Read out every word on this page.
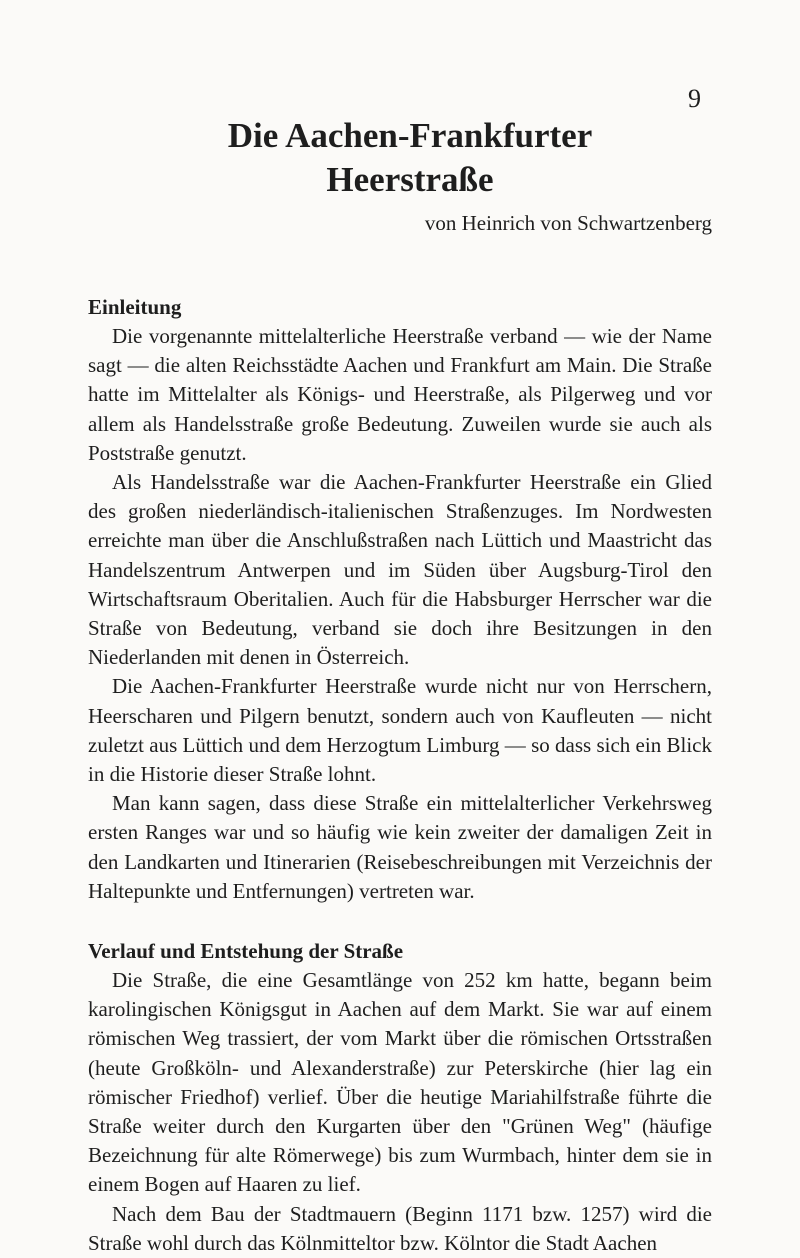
9
Die Aachen-Frankfurter
Heerstraße
von Heinrich von Schwartzenberg
Einleitung

Die vorgenannte mittelalterliche Heerstraße verband — wie der Name sagt — die alten Reichsstädte Aachen und Frankfurt am Main. Die Straße hatte im Mittelalter als Königs- und Heerstraße, als Pilgerweg und vor allem als Handelsstraße große Bedeutung. Zuweilen wurde sie auch als Poststraße genutzt.

Als Handelsstraße war die Aachen-Frankfurter Heerstraße ein Glied des großen niederländisch-italienischen Straßenzuges. Im Nordwesten erreichte man über die Anschlußstraßen nach Lüttich und Maastricht das Handelszentrum Antwerpen und im Süden über Augsburg-Tirol den Wirtschaftsraum Oberitalien. Auch für die Habsburger Herrscher war die Straße von Bedeutung, verband sie doch ihre Besitzungen in den Niederlanden mit denen in Österreich.

Die Aachen-Frankfurter Heerstraße wurde nicht nur von Herrschern, Heerscharen und Pilgern benutzt, sondern auch von Kaufleuten — nicht zuletzt aus Lüttich und dem Herzogtum Limburg — so dass sich ein Blick in die Historie dieser Straße lohnt.

Man kann sagen, dass diese Straße ein mittelalterlicher Verkehrsweg ersten Ranges war und so häufig wie kein zweiter der damaligen Zeit in den Landkarten und Itinerarien (Reisebeschreibungen mit Verzeichnis der Haltepunkte und Entfernungen) vertreten war.

Verlauf und Entstehung der Straße

Die Straße, die eine Gesamtlänge von 252 km hatte, begann beim karolingischen Königsgut in Aachen auf dem Markt. Sie war auf einem römischen Weg trassiert, der vom Markt über die römischen Ortsstraßen (heute Großköln- und Alexanderstraße) zur Peterskirche (hier lag ein römischer Friedhof) verlief. Über die heutige Mariahilfstraße führte die Straße weiter durch den Kurgarten über den "Grünen Weg" (häufige Bezeichnung für alte Römerwege) bis zum Wurmbach, hinter dem sie in einem Bogen auf Haaren zu lief.

Nach dem Bau der Stadtmauern (Beginn 1171 bzw. 1257) wird die Straße wohl durch das Kölnmitteltor bzw. Kölntor die Stadt Aachen
